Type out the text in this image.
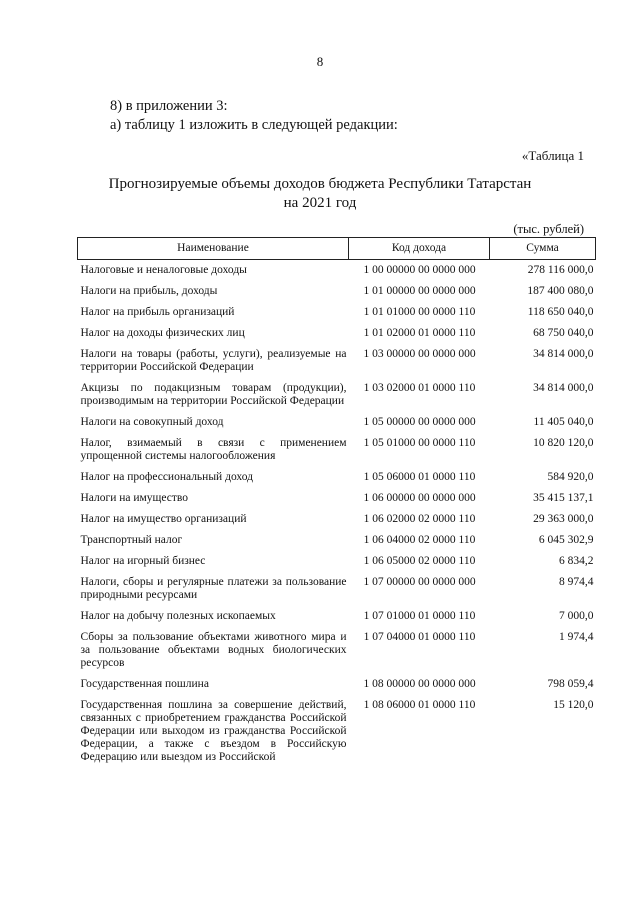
8
8) в приложении 3:
а) таблицу 1 изложить в следующей редакции:
«Таблица 1
Прогнозируемые объемы доходов бюджета Республики Татарстан
на 2021 год
(тыс. рублей)
Наименование	Код дохода	Сумма
Налоговые и неналоговые доходы	1 00 00000 00 0000 000	278 116 000,0
Налоги на прибыль, доходы	1 01 00000 00 0000 000	187 400 080,0
Налог на прибыль организаций	1 01 01000 00 0000 110	118 650 040,0
Налог на доходы физических лиц	1 01 02000 01 0000 110	68 750 040,0
Налоги на товары (работы, услуги), реализуемые на территории Российской Федерации	1 03 00000 00 0000 000	34 814 000,0
Акцизы по подакцизным товарам (продукции), производимым на территории Российской Федерации	1 03 02000 01 0000 110	34 814 000,0
Налоги на совокупный доход	1 05 00000 00 0000 000	11 405 040,0
Налог, взимаемый в связи с применением упрощенной системы налогообложения	1 05 01000 00 0000 110	10 820 120,0
Налог на профессиональный доход	1 05 06000 01 0000 110	584 920,0
Налоги на имущество	1 06 00000 00 0000 000	35 415 137,1
Налог на имущество организаций	1 06 02000 02 0000 110	29 363 000,0
Транспортный налог	1 06 04000 02 0000 110	6 045 302,9
Налог на игорный бизнес	1 06 05000 02 0000 110	6 834,2
Налоги, сборы и регулярные платежи за пользование природными ресурсами	1 07 00000 00 0000 000	8 974,4
Налог на добычу полезных ископаемых	1 07 01000 01 0000 110	7 000,0
Сборы за пользование объектами животного мира и за пользование объектами водных биологических ресурсов	1 07 04000 01 0000 110	1 974,4
Государственная пошлина	1 08 00000 00 0000 000	798 059,4
Государственная пошлина за совершение действий, связанных с приобретением гражданства Российской Федерации или выходом из гражданства Российской Федерации, а также с въездом в Российскую Федерацию или выездом из Российской	1 08 06000 01 0000 110	15 120,0
